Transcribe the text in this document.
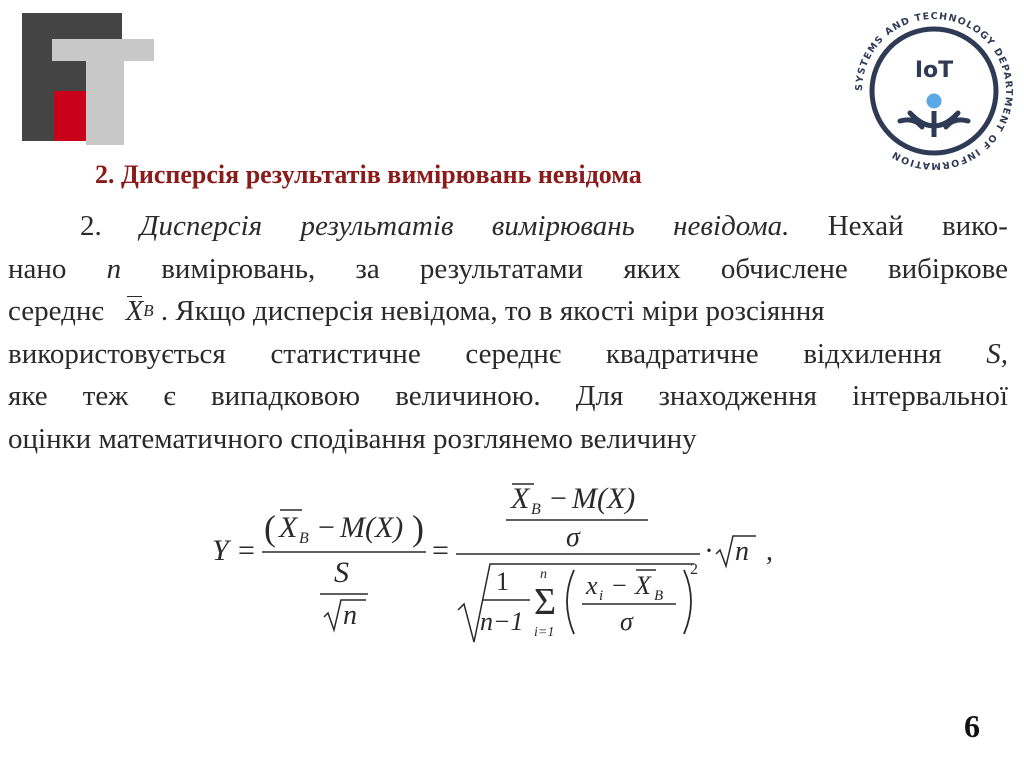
SYSTEMS AND TECHNOLOGY DEPARTMENT OF INFORMATION
IoT
2. Дисперсія результатів вимірювань невідома
2. Дисперсія результатів вимірювань невідома. Нехай вико-
нано n вимірювань, за результатами яких обчислене вибіркове
середнє
X B
. Якщо дисперсія невідома, то в якості міри розсіяння
використовується статистичне середнє квадратичне відхилення S,
яке теж є випадковою величиною. Для знаходження інтервальної
оцінки математичного сподівання розглянемо величину
Y =
( X B − M(X) )
S
n
=
X B − M(X)
σ
1
n−1
n
Σ
i=1
2
x i − X B
σ
· n ,
6
